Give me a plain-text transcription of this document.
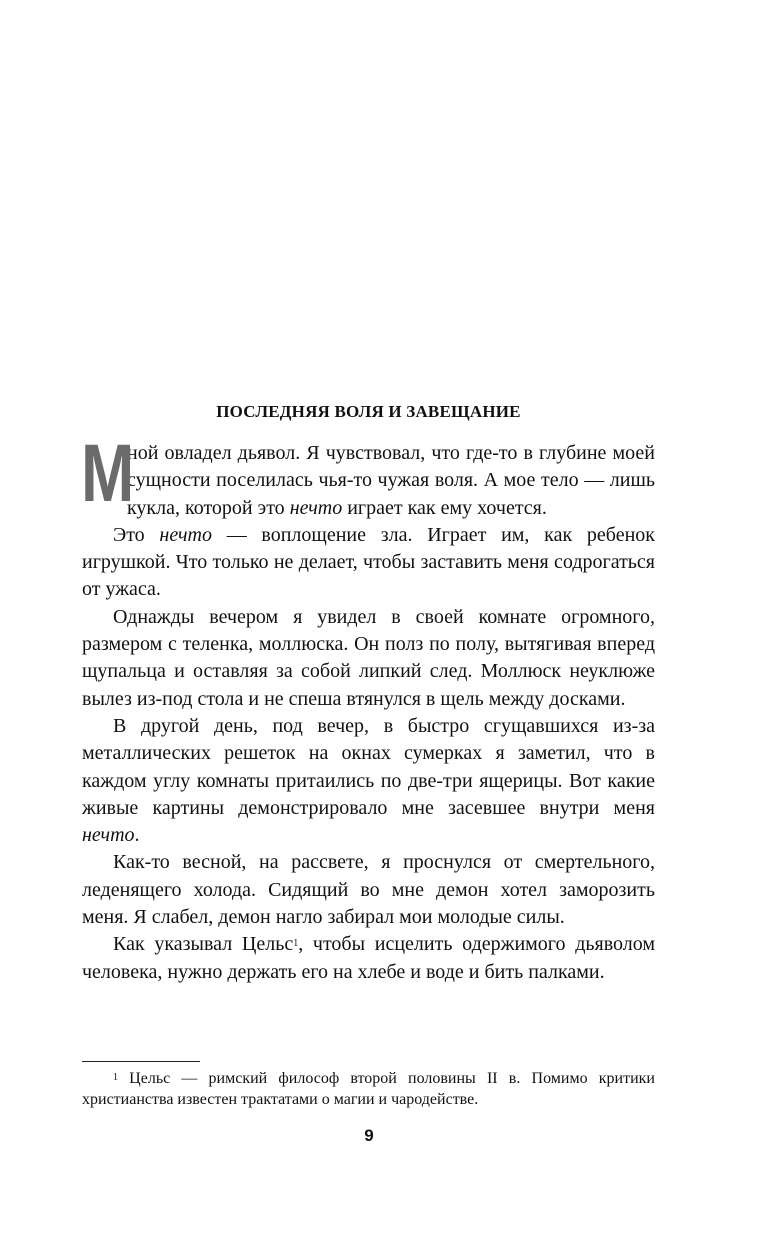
ПОСЛЕДНЯЯ ВОЛЯ И ЗАВЕЩАНИЕ

М
ной овладел дьявол. Я чувствовал, что где-то в глубине моей сущности поселилась чья-то чужая воля. А мое тело — лишь кукла, которой это нечто играет как ему хочется.

Это нечто — воплощение зла. Играет им, как ребенок игрушкой. Что только не делает, чтобы заставить меня содрогаться от ужаса.

Однажды вечером я увидел в своей комнате огромного, размером с теленка, моллюска. Он полз по полу, вытягивая вперед щупальца и оставляя за собой липкий след. Моллюск неуклюже вылез из-под стола и не спеша втянулся в щель между досками.

В другой день, под вечер, в быстро сгущавшихся из-за металлических решеток на окнах сумерках я заметил, что в каждом углу комнаты притаились по две-три ящерицы. Вот какие живые картины демонстрировало мне засевшее внутри меня нечто.

Как-то весной, на рассвете, я проснулся от смертельного, леденящего холода. Сидящий во мне демон хотел заморозить меня. Я слабел, демон нагло забирал мои молодые силы.

Как указывал Цельс$^1$, чтобы исцелить одержимого дьяволом человека, нужно держать его на хлебе и воде и бить палками.

$^1$ Цельс — римский философ второй половины II в. Помимо критики христианства известен трактатами о магии и чародействе.

9
